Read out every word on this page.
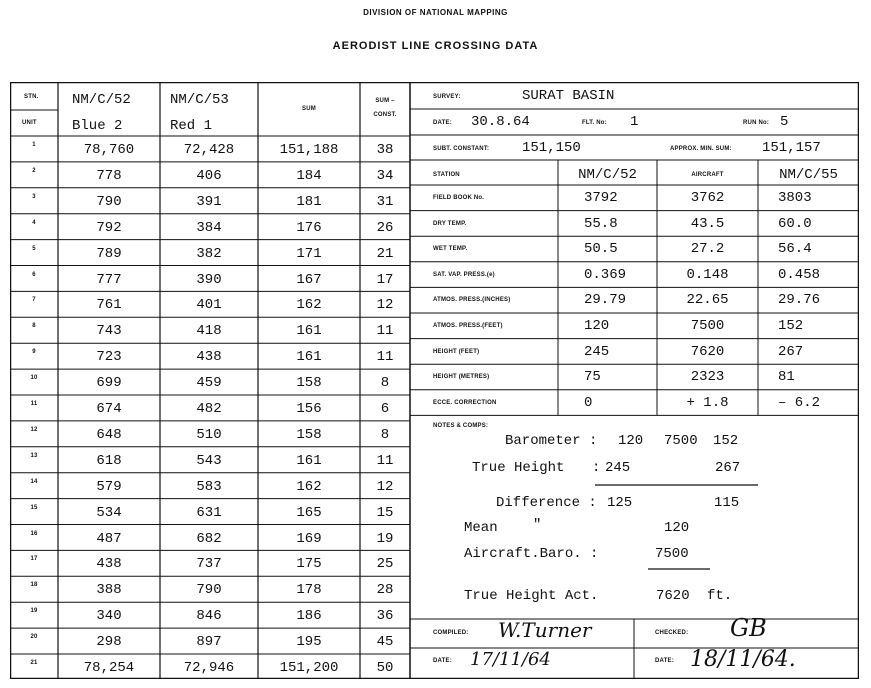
DIVISION OF NATIONAL MAPPING
AERODIST LINE CROSSING DATA
STN.
UNIT
NM/C/52	NM/C/53
Blue 2	Red 1
SUM
SUM –
CONST.
1	78,760	72,428	151,188	38
2	778	406	184	34
3	790	391	181	31
4	792	384	176	26
5	789	382	171	21
6	777	390	167	17
7	761	401	162	12
8	743	418	161	11
9	723	438	161	11
10	699	459	158	8
11	674	482	156	6
12	648	510	158	8
13	618	543	161	11
14	579	583	162	12
15	534	631	165	15
16	487	682	169	19
17	438	737	175	25
18	388	790	178	28
19	340	846	186	36
20	298	897	195	45
21	78,254	72,946	151,200	50
SURVEY:	SURAT BASIN
DATE: 30.8.64	FLT. No: 1	RUN No: 5
SUBT. CONSTANT: 151,150	APPROX. MIN. SUM: 151,157
STATION	NM/C/52	AIRCRAFT	NM/C/55
FIELD BOOK No.	3792	3762	3803
DRY TEMP.	55.8	43.5	60.0
WET TEMP.	50.5	27.2	56.4
SAT. VAP. PRESS.(e)	0.369	0.148	0.458
ATMOS. PRESS.(INCHES)	29.79	22.65	29.76
ATMOS. PRESS.(FEET)	120	7500	152
HEIGHT (FEET)	245	7620	267
HEIGHT (METRES)	75	2323	81
ECCE. CORRECTION	0	+ 1.8	– 6.2
NOTES & COMPS:
Barometer : 120 7500 152
True Height : 245	267
Difference : 125	115
Mean	"	120
Aircraft.Baro. :	7500
True Height Act.	7620 ft.
COMPILED: W.Turner	CHECKED: GB
DATE: 17/11/64	DATE: 18/11/64.
